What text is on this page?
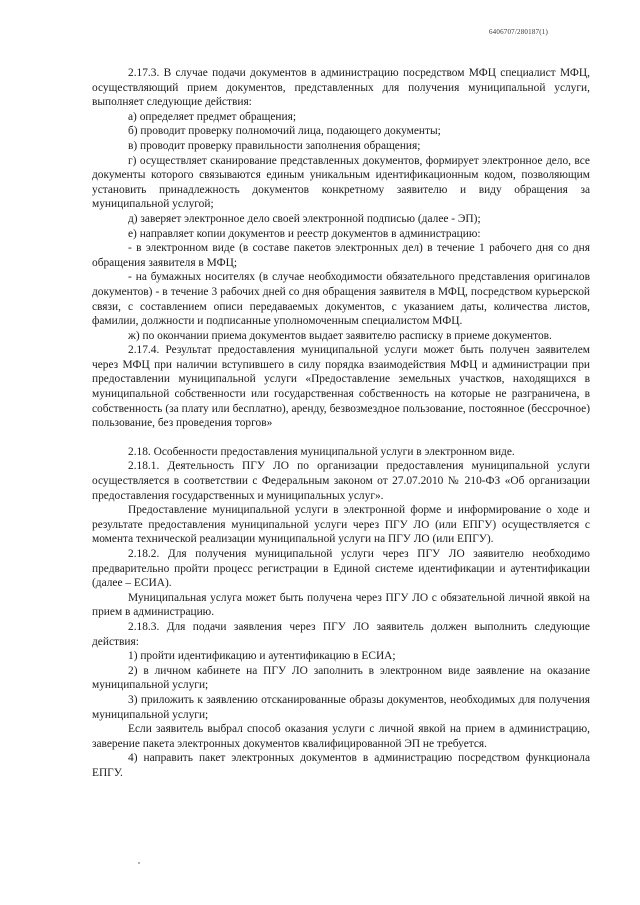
6406707/280187(1)

2.17.3. В случае подачи документов в администрацию посредством МФЦ специалист МФЦ, осуществляющий прием документов, представленных для получения муниципальной услуги, выполняет следующие действия:

а) определяет предмет обращения;

б) проводит проверку полномочий лица, подающего документы;

в) проводит проверку правильности заполнения обращения;

г) осуществляет сканирование представленных документов, формирует электронное дело, все документы которого связываются единым уникальным идентификационным кодом, позволяющим установить принадлежность документов конкретному заявителю и виду обращения за муниципальной услугой;

д) заверяет электронное дело своей электронной подписью (далее - ЭП);

е) направляет копии документов и реестр документов в администрацию:

- в электронном виде (в составе пакетов электронных дел) в течение 1 рабочего дня со дня обращения заявителя в МФЦ;

- на бумажных носителях (в случае необходимости обязательного представления оригиналов документов) - в течение 3 рабочих дней со дня обращения заявителя в МФЦ, посредством курьерской связи, с составлением описи передаваемых документов, с указанием даты, количества листов, фамилии, должности и подписанные уполномоченным специалистом МФЦ.

ж) по окончании приема документов выдает заявителю расписку в приеме документов.

2.17.4. Результат предоставления муниципальной услуги может быть получен заявителем через МФЦ при наличии вступившего в силу порядка взаимодействия МФЦ и администрации при предоставлении муниципальной услуги «Предоставление земельных участков, находящихся в муниципальной собственности или государственная собственность на которые не разграничена, в собственность (за плату или бесплатно), аренду, безвозмездное пользование, постоянное (бессрочное) пользование, без проведения торгов»

2.18. Особенности предоставления муниципальной услуги в электронном виде.

2.18.1. Деятельность ПГУ ЛО по организации предоставления муниципальной услуги осуществляется в соответствии с Федеральным законом от 27.07.2010 № 210-ФЗ «Об организации предоставления государственных и муниципальных услуг».

Предоставление муниципальной услуги в электронной форме и информирование о ходе и результате предоставления муниципальной услуги через ПГУ ЛО (или ЕПГУ) осуществляется с момента технической реализации муниципальной услуги на ПГУ ЛО (или ЕПГУ).

2.18.2. Для получения муниципальной услуги через ПГУ ЛО заявителю необходимо предварительно пройти процесс регистрации в Единой системе идентификации и аутентификации (далее – ЕСИА).

Муниципальная услуга может быть получена через ПГУ ЛО с обязательной личной явкой на прием в администрацию.

2.18.3. Для подачи заявления через ПГУ ЛО заявитель должен выполнить следующие действия:

1) пройти идентификацию и аутентификацию в ЕСИА;

2) в личном кабинете на ПГУ ЛО заполнить в электронном виде заявление на оказание муниципальной услуги;

3) приложить к заявлению отсканированные образы документов, необходимых для получения муниципальной услуги;

Если заявитель выбрал способ оказания услуги с личной явкой на прием в администрацию, заверение пакета электронных документов квалифицированной ЭП не требуется.

4) направить пакет электронных документов в администрацию посредством функционала ЕПГУ.
